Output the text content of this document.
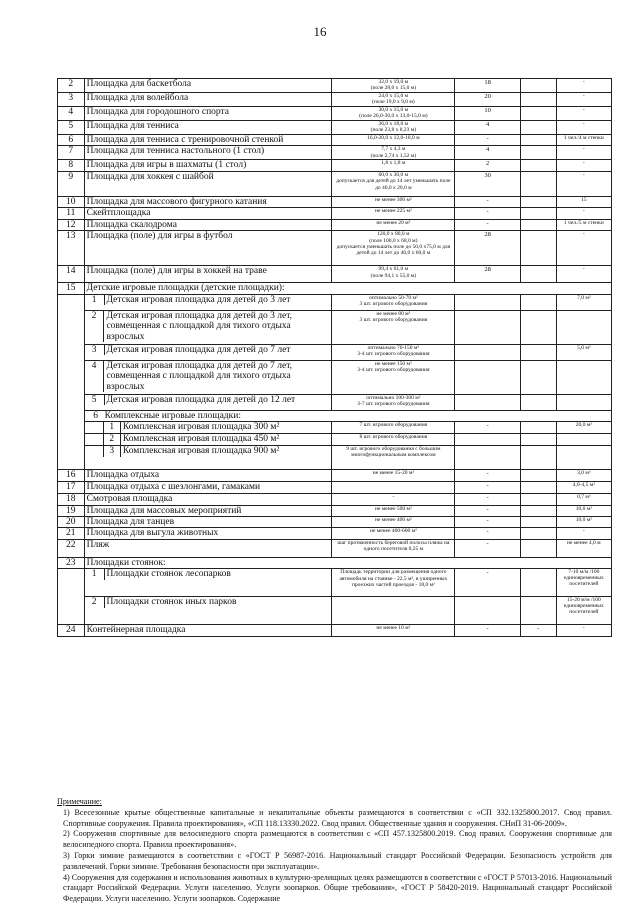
16
2	Площадка для баскетбола	32,0 х 19,0 м
(поле 28,0 х 15,0 м)	18		-
3	Площадка для волейбола	24,0 х 15,0 м
(поле 19,0 х 9,0 м)	20		-
4	Площадка для городошного спорта	30,0 х 15,0 м
(поле 26,0-30,0 х 13,0-15,0 м)	10		-
5	Площадка для тенниса	36,0 х 18,0 м
(поле 23,8 х 8,23 м)	4		-
6	Площадка для тенниса с тренировочной стенкой	16,0-20,0 х 12,0-18,0 м	-		1 чел./4 м стенки
7	Площадка для тенниса настольного (1 стол)	7,7 х 4,3 м
(поле 2,74 х 1,52 м)	4		-
8	Площадка для игры в шахматы (1 стол)	1,8 х 1,8 м	2		-
9	Площадка для хоккея с шайбой	60,0 х 30,0 м
допускается для детей до 14 лет уменьшать поле до 40,0 х 20,0 м	30		-
10	Площадка для массового фигурного катания	не менее 300 м²	-		15
11	Скейтплощадка	не менее 225 м²	-		-
12	Площадка скалодрома	не менее 20 м²	-		1 чел./5 м стенки
13	Площадка (поле) для игры в футбол	120,0 х 80,0 м
(поле 100,0 х 68,0 м)
допускается уменьшать поле до 50,0 х75,0 м для детей до 14 лет до 40,0 х 60,0 м	28		-
14	Площадка (поле) для игры в хоккей на траве	99,4 х 61,0 м
(поле 94,1 х 55,0 м)	28		-
15	Детские игровые площадки (детские площадки):

1	Детская игровая площадка для детей до 3 лет
		оптимально 50-70 м²
3 шт. игрового оборудования			7,0 м²

2	Детская игровая площадка для детей до 3 лет, совмещенная с площадкой для тихого отдыха взрослых
	не менее 80 м²
3 шт. игрового оборудования			

3	Детская игровая площадка для детей до 7 лет
		оптимально 70-150 м²
3-4 шт. игрового оборудования			5,0 м²

4	Детская игровая площадка для детей до 7 лет, совмещенная с площадкой для тихого отдыха взрослых
	не менее 150 м²
3-4 шт. игрового оборудования			

5	Детская игровая площадка для детей до 12 лет
		оптимально 100-300 м²
3-7 шт. игрового оборудования			
	6 Комплексные игровые площадки:

1	Комплексная игровая площадка 300 м²
		7 шт. игрового оборудования	-		20,0 м²

2	Комплексная игровая площадка 450 м²
		8 шт. игрового оборудования			

3	Комплексная игровая площадка 900 м²
		9 шт. игрового оборудования с большим многофункциональным комплексом			
16	Площадка отдыха	не менее 15-20 м²	-		3,0 м²
17	Площадка отдыха с шезлонгами, гамаками		-		4,0-4,5 м²
18	Смотровая площадка	-	-		0,7 м²
19	Площадка для массовых мероприятий	не менее 500 м²	-		10,0 м²
20	Площадка для танцев	не менее 400 м²	-		10,0 м²
21	Площадка для выгула животных	не менее 400-600 м²	-		-
22	Пляж	шаг протяженность береговой полосы пляжа на одного посетителя 0,25 м	-		не менее 4,0 м
23	Площадки стоянок:

1	Площадки стоянок лесопарков
		Площадь территории для размещения одного автомобиля на стоянке - 22,5 м², в ушиpенных проезжих частей проездов - 18,0 м²	-		7-10 м/м /100 единовременных посетителей

2	Площадки стоянок иных парков
					15-20 м/м /100 единовременных посетителей
24	Контейнерная площадка	не менее 10 м²	-	-	-
Примечание:
1) Всесезонные крытые общественные капитальные и некапитальные объекты размещаются в соответствии с «СП 332.1325800.2017. Свод правил. Спортивные сооружения. Правила проектирования», «СП 118.13330.2022. Свод правил. Общественные здания и сооружения. СНиП 31-06-2009».
2) Сооружения спортивные для велосипедного спорта размещаются в соответствии с «СП 457.1325800.2019. Свод правил. Сооружения спортивные для велосипедного спорта. Правила проектирования».
3) Горки зимние размещаются в соответствии с «ГОСТ Р 56987-2016. Национальный стандарт Российской Федерации. Безопасность устройств для развлечений. Горки зимние. Требования безопасности при эксплуатации».
4) Сооружения для содержания и использования животных в культурно-зрелищных целях размещаются в соответствии с «ГОСТ Р 57013-2016. Национальный стандарт Российской Федерации. Услуги населению. Услуги зоопарков. Общие требования», «ГОСТ Р 58420-2019. Национальный стандарт Российской Федерации. Услуги населению. Услуги зоопарков. Содержание
